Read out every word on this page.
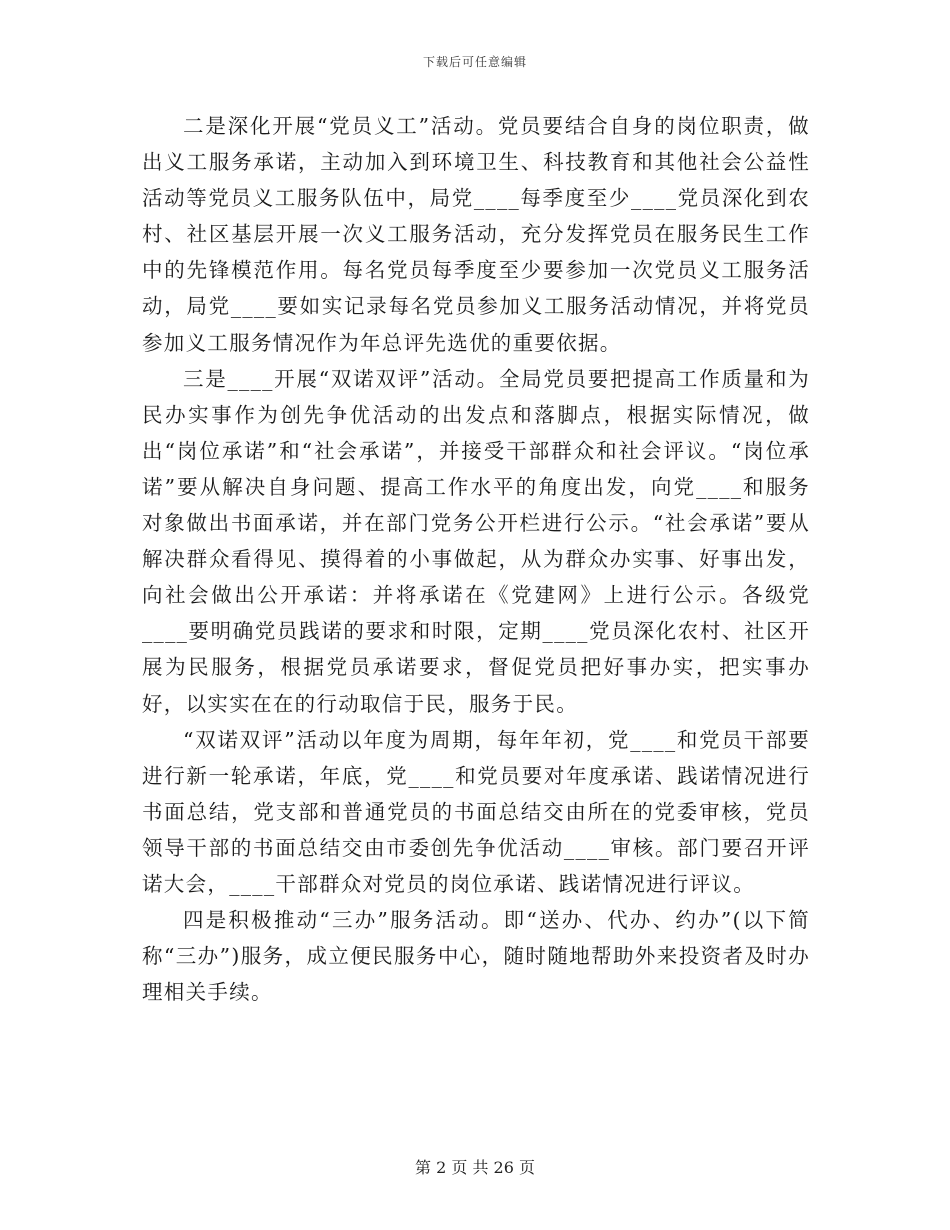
下载后可任意编辑

二是深化开展“党员义工”活动。党员要结合自身的岗位职责，做出义工服务承诺，主动加入到环境卫生、科技教育和其他社会公益性活动等党员义工服务队伍中，局党____每季度至少____党员深化到农村、社区基层开展一次义工服务活动，充分发挥党员在服务民生工作中的先锋模范作用。每名党员每季度至少要参加一次党员义工服务活动，局党____要如实记录每名党员参加义工服务活动情况，并将党员参加义工服务情况作为年总评先选优的重要依据。

三是____开展“双诺双评”活动。全局党员要把提高工作质量和为民办实事作为创先争优活动的出发点和落脚点，根据实际情况，做出“岗位承诺”和“社会承诺”，并接受干部群众和社会评议。“岗位承诺”要从解决自身问题、提高工作水平的角度出发，向党____和服务对象做出书面承诺，并在部门党务公开栏进行公示。“社会承诺”要从解决群众看得见、摸得着的小事做起，从为群众办实事、好事出发，向社会做出公开承诺：并将承诺在《党建网》上进行公示。各级党____要明确党员践诺的要求和时限，定期____党员深化农村、社区开展为民服务，根据党员承诺要求，督促党员把好事办实，把实事办好，以实实在在的行动取信于民，服务于民。

“双诺双评”活动以年度为周期，每年年初，党____和党员干部要进行新一轮承诺，年底，党____和党员要对年度承诺、践诺情况进行书面总结，党支部和普通党员的书面总结交由所在的党委审核，党员领导干部的书面总结交由市委创先争优活动____审核。部门要召开评诺大会，____干部群众对党员的岗位承诺、践诺情况进行评议。

四是积极推动“三办”服务活动。即“送办、代办、约办”(以下简称“三办”)服务，成立便民服务中心，随时随地帮助外来投资者及时办理相关手续。

第 2 页 共 26 页
